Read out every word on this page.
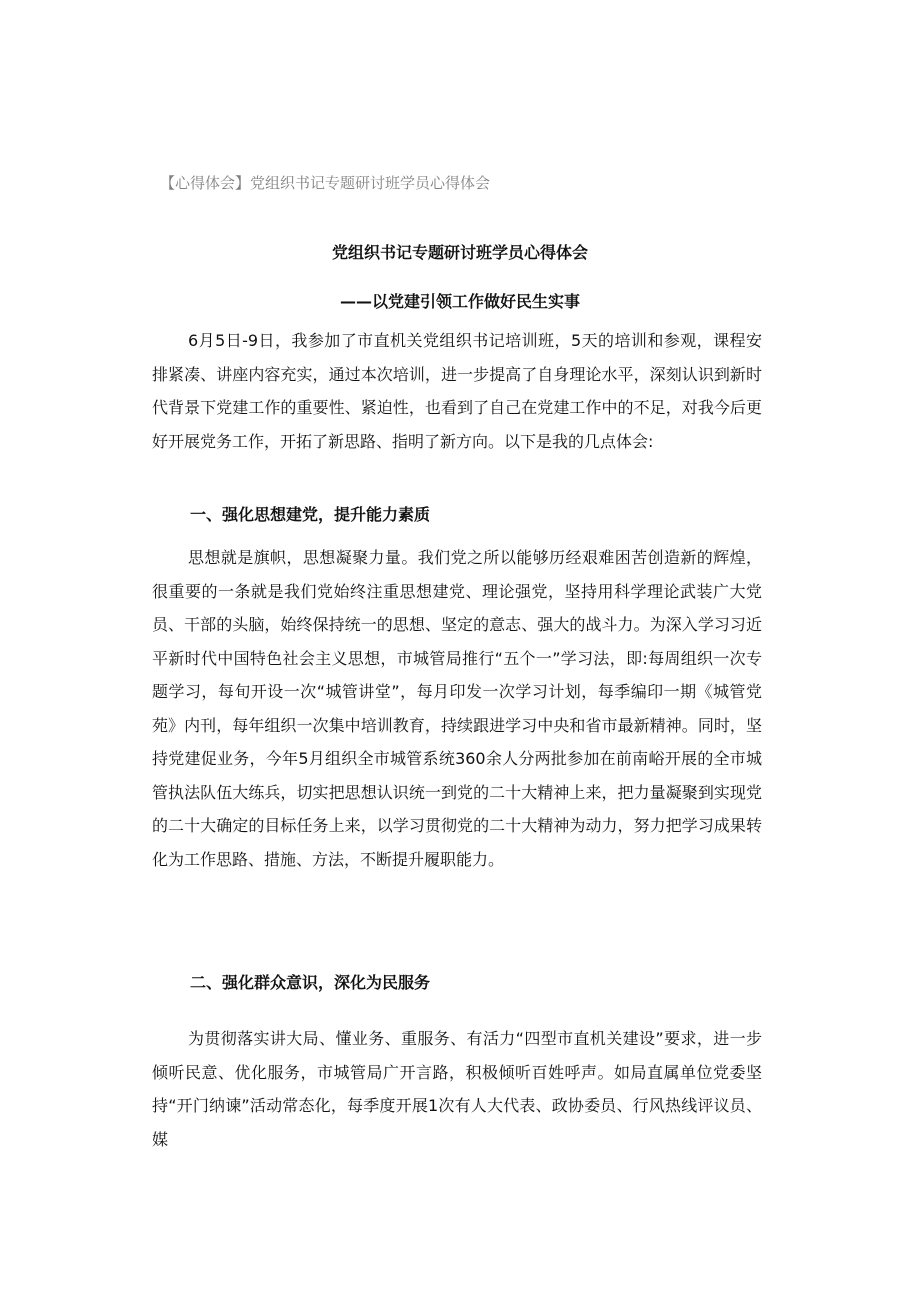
【心得体会】党组织书记专题研讨班学员心得体会
党组织书记专题研讨班学员心得体会
——以党建引领工作做好民生实事

6月5日-9日，我参加了市直机关党组织书记培训班，5天的培训和参观，课程安排紧凑、讲座内容充实，通过本次培训，进一步提高了自身理论水平，深刻认识到新时代背景下党建工作的重要性、紧迫性，也看到了自己在党建工作中的不足，对我今后更好开展党务工作，开拓了新思路、指明了新方向。以下是我的几点体会:

一、强化思想建党，提升能力素质

思想就是旗帜，思想凝聚力量。我们党之所以能够历经艰难困苦创造新的辉煌，很重要的一条就是我们党始终注重思想建党、理论强党，坚持用科学理论武装广大党员、干部的头脑，始终保持统一的思想、坚定的意志、强大的战斗力。为深入学习习近平新时代中国特色社会主义思想，市城管局推行“五个一”学习法，即:每周组织一次专题学习，每旬开设一次“城管讲堂”，每月印发一次学习计划，每季编印一期《城管党苑》内刊，每年组织一次集中培训教育，持续跟进学习中央和省市最新精神。同时，坚持党建促业务，今年5月组织全市城管系统360余人分两批参加在前南峪开展的全市城管执法队伍大练兵，切实把思想认识统一到党的二十大精神上来，把力量凝聚到实现党的二十大确定的目标任务上来，以学习贯彻党的二十大精神为动力，努力把学习成果转化为工作思路、措施、方法，不断提升履职能力。

二、强化群众意识，深化为民服务

为贯彻落实讲大局、懂业务、重服务、有活力“四型市直机关建设”要求，进一步倾听民意、优化服务，市城管局广开言路，积极倾听百姓呼声。如局直属单位党委坚持“开门纳谏”活动常态化，每季度开展1次有人大代表、政协委员、行风热线评议员、媒
